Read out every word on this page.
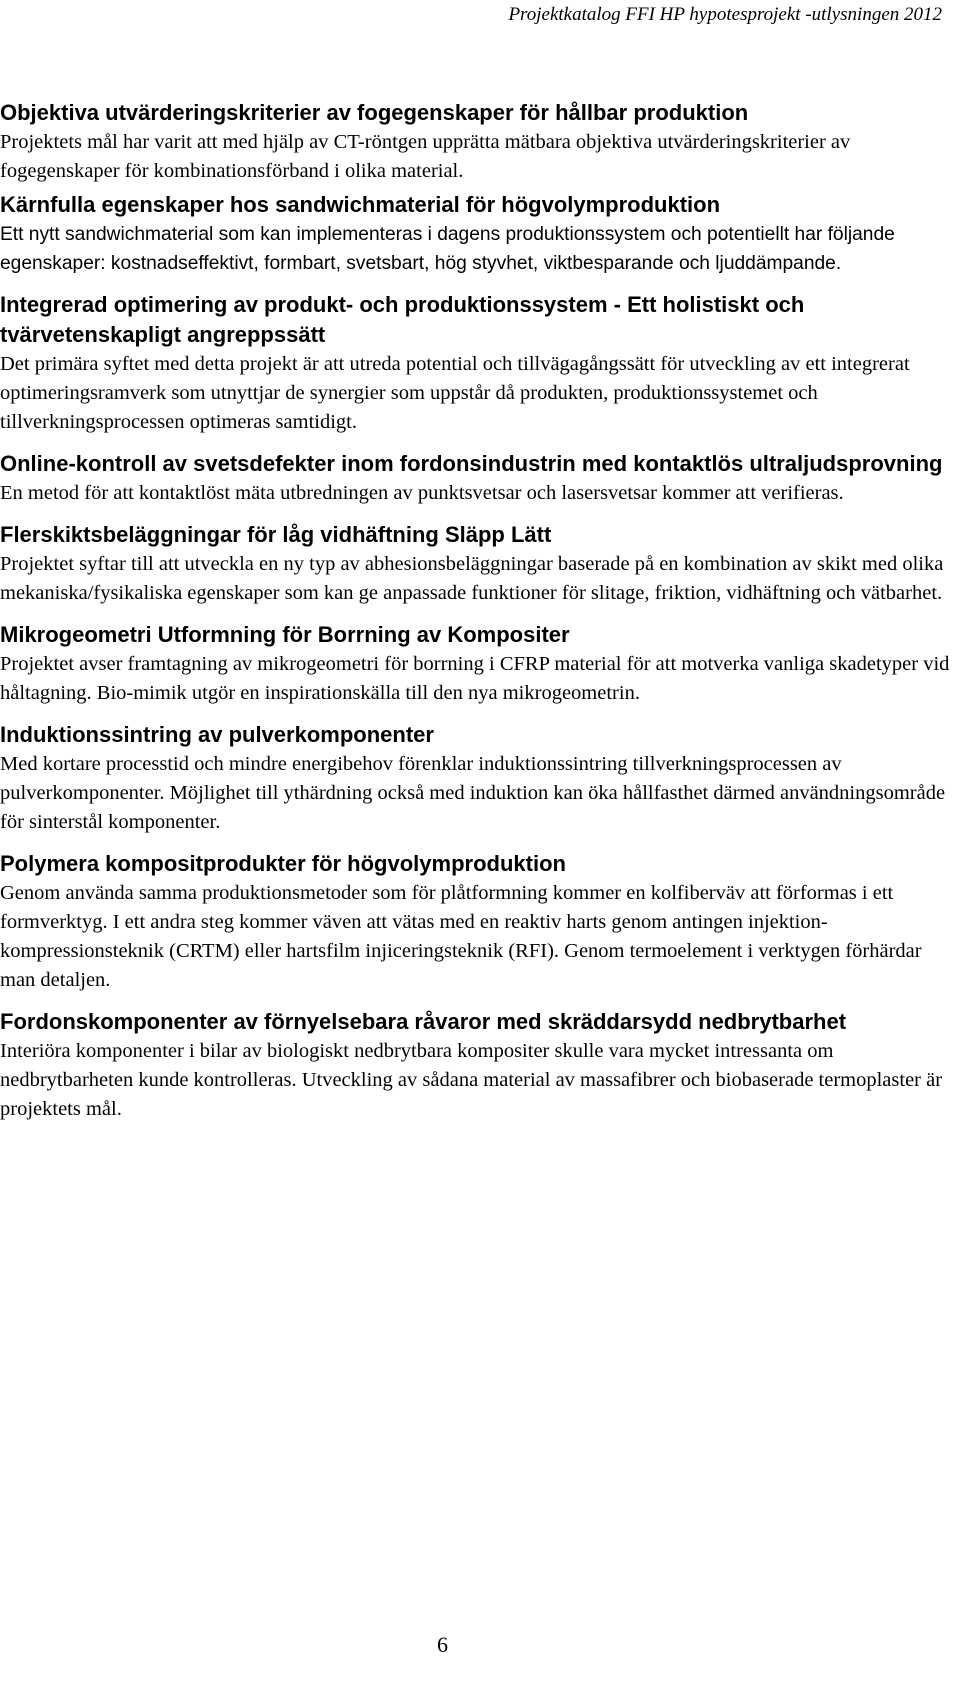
Projektkatalog FFI HP hypotesprojekt -utlysningen 2012
Objektiva utvärderingskriterier av fogegenskaper för hållbar produktion

Projektets mål har varit att med hjälp av CT-röntgen upprätta mätbara objektiva utvärderingskriterier av fogegenskaper för kombinationsförband i olika material.

Kärnfulla egenskaper hos sandwichmaterial för högvolymproduktion

Ett nytt sandwichmaterial som kan implementeras i dagens produktionssystem och potentiellt har följande egenskaper: kostnadseffektivt, formbart, svetsbart, hög styvhet, viktbesparande och ljuddämpande.

Integrerad optimering av produkt- och produktionssystem - Ett holistiskt och tvärvetenskapligt angreppssätt

Det primära syftet med detta projekt är att utreda potential och tillvägagångssätt för utveckling av ett integrerat optimeringsramverk som utnyttjar de synergier som uppstår då produkten, produktionssystemet och tillverkningsprocessen optimeras samtidigt.

Online-kontroll av svetsdefekter inom fordonsindustrin med kontaktlös ultraljudsprovning

En metod för att kontaktlöst mäta utbredningen av punktsvetsar och lasersvetsar kommer att verifieras.

Flerskiktsbeläggningar för låg vidhäftning Släpp Lätt

Projektet syftar till att utveckla en ny typ av abhesionsbeläggningar baserade på en kombination av skikt med olika mekaniska/fysikaliska egenskaper som kan ge anpassade funktioner för slitage, friktion, vidhäftning och vätbarhet.

Mikrogeometri Utformning för Borrning av Kompositer

Projektet avser framtagning av mikrogeometri för borrning i CFRP material för att motverka vanliga skadetyper vid håltagning. Bio-mimik utgör en inspirationskälla till den nya mikrogeometrin.

Induktionssintring av pulverkomponenter

Med kortare processtid och mindre energibehov förenklar induktionssintring tillverkningsprocessen av pulverkomponenter. Möjlighet till ythärdning också med induktion kan öka hållfasthet därmed användningsområde för sinterstål komponenter.

Polymera kompositprodukter för högvolymproduktion

Genom använda samma produktionsmetoder som för plåtformning kommer en kolfiberväv att förformas i ett formverktyg. I ett andra steg kommer väven att vätas med en reaktiv harts genom antingen injektion-kompressionsteknik (CRTM) eller hartsfilm injiceringsteknik (RFI). Genom termoelement i verktygen förhärdar man detaljen.

Fordonskomponenter av förnyelsebara råvaror med skräddarsydd nedbrytbarhet

Interiöra komponenter i bilar av biologiskt nedbrytbara kompositer skulle vara mycket intressanta om nedbrytbarheten kunde kontrolleras. Utveckling av sådana material av massafibrer och biobaserade termoplaster är projektets mål.

6
